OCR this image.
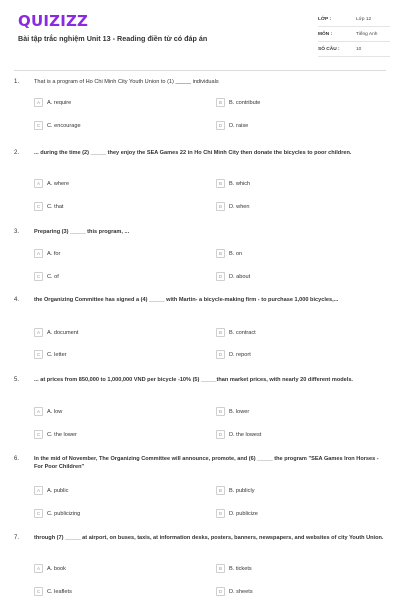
QUIZIZZ
Bài tập trắc nghiệm Unit 13 - Reading điền từ có đáp án
LỚP :	Lớp 12
MÔN :	Tiếng Anh
SỐ CÂU :	10
1.	That is a program of Ho Chi Minh City Youth Union to (1) _____ individuals
A	A. require	B	B. contribute
C	C. encourage	D	D. raise
2.	... during the time (2) _____ they enjoy the SEA Games 22 in Ho Chi Minh City then donate the bicycles to poor children.
A	A. where	B	B. which
C	C. that	D	D. when
3.	Preparing (3) _____ this program, ...
A	A. for	B	B. on
C	C. of	D	D. about
4.	the Organizing Committee has signed a (4) _____ with Martin- a bicycle-making firm - to purchase 1,000 bicycles,...
A	A. document	B	B. contract
C	C. letter	D	D. report
5.	... at prices from 850,000 to 1,000,000 VND per bicycle -10% (5) _____than market prices, with nearly 20 different models.
A	A. low	B	B. lower
C	C. the lower	D	D. the lowest
6.	In the mid of November, The Organizing Committee will announce, promote, and (6) _____ the program "SEA Games Iron Horses - For Poor Children"
A	A. public	B	B. publicly
C	C. publicizing	D	D. publicize
7.	through (7) _____ at airport, on buses, taxis, at information desks, posters, banners, newspapers, and websites of city Youth Union.
A	A. book	B	B. tickets
C	C. leaflets	D	D. sheets
